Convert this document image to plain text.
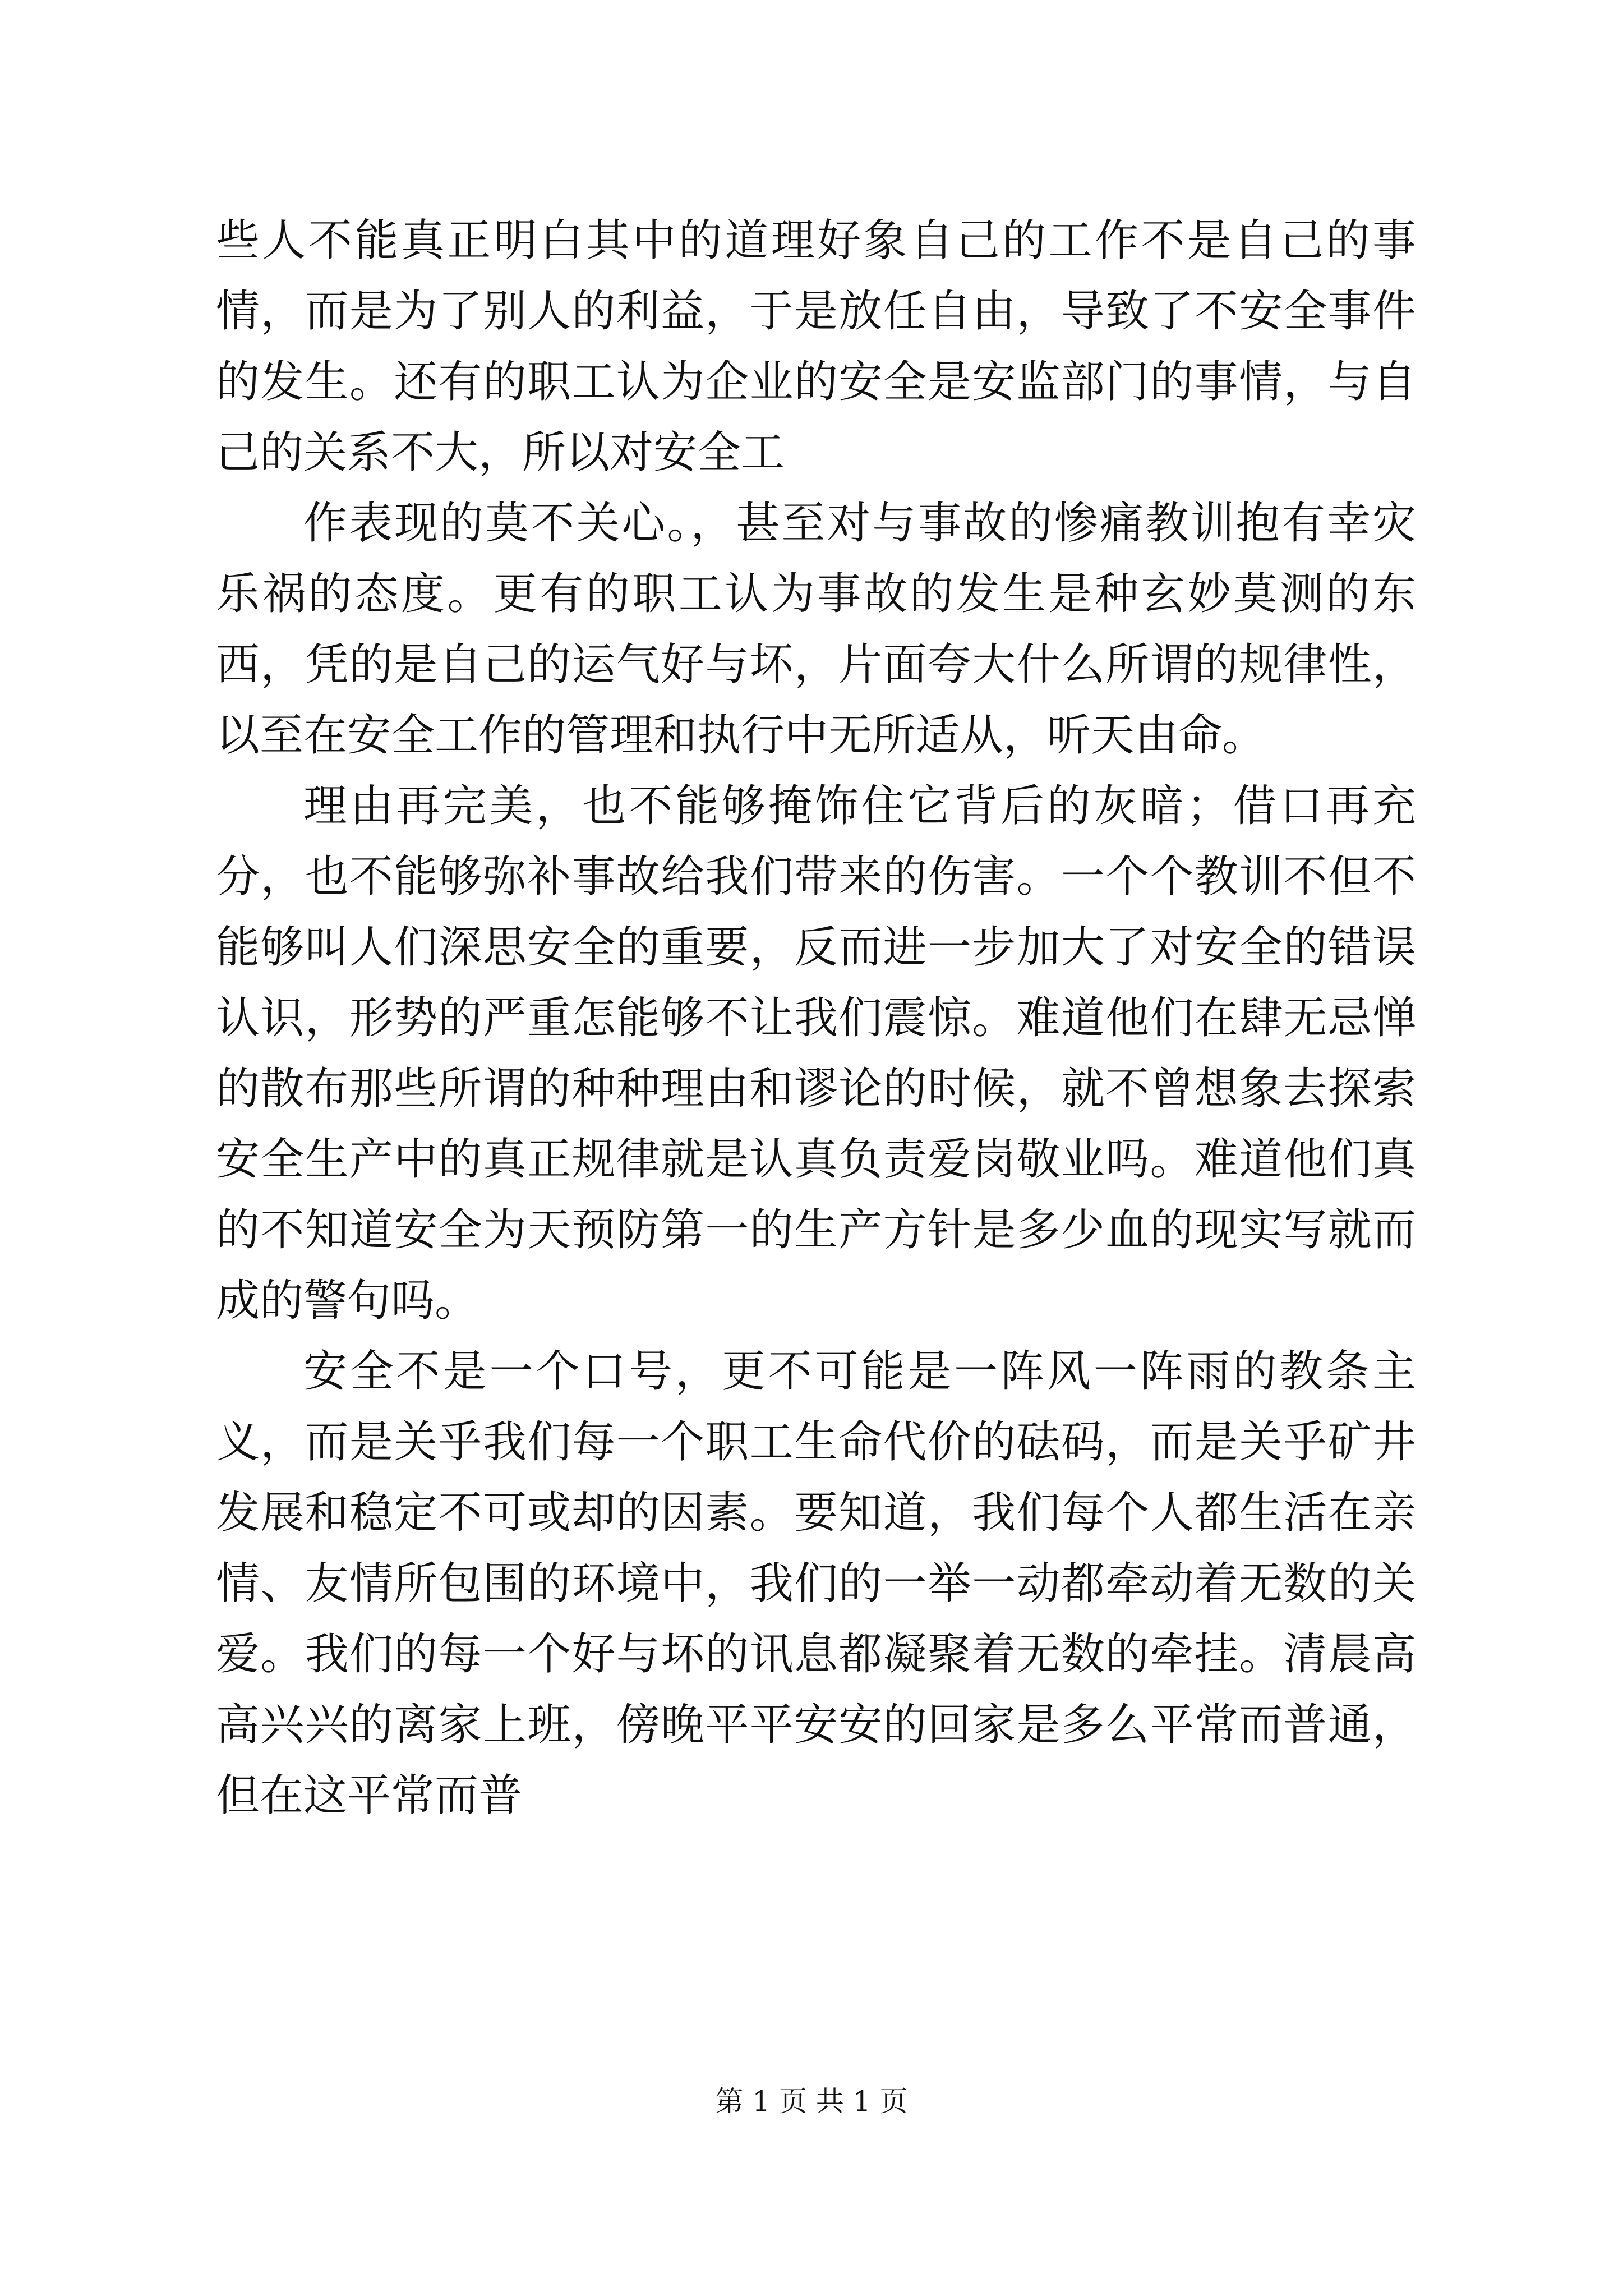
些人不能真正明白其中的道理好象自己的工作不是自己的事情，而是为了别人的利益，于是放任自由，导致了不安全事件的发生。还有的职工认为企业的安全是安监部门的事情，与自己的关系不大，所以对安全工

作表现的莫不关心。，甚至对与事故的惨痛教训抱有幸灾乐祸的态度。更有的职工认为事故的发生是种玄妙莫测的东西，凭的是自己的运气好与坏，片面夸大什么所谓的规律性，以至在安全工作的管理和执行中无所适从，听天由命。

理由再完美，也不能够掩饰住它背后的灰暗；借口再充分，也不能够弥补事故给我们带来的伤害。一个个教训不但不能够叫人们深思安全的重要，反而进一步加大了对安全的错误认识，形势的严重怎能够不让我们震惊。难道他们在肆无忌惮的散布那些所谓的种种理由和谬论的时候，就不曾想象去探索安全生产中的真正规律就是认真负责爱岗敬业吗。难道他们真的不知道安全为天预防第一的生产方针是多少血的现实写就而成的警句吗。

安全不是一个口号，更不可能是一阵风一阵雨的教条主义，而是关乎我们每一个职工生命代价的砝码，而是关乎矿井发展和稳定不可或却的因素。要知道，我们每个人都生活在亲情、友情所包围的环境中，我们的一举一动都牵动着无数的关爱。我们的每一个好与坏的讯息都凝聚着无数的牵挂。清晨高高兴兴的离家上班，傍晚平平安安的回家是多么平常而普通，但在这平常而普

第 1 页 共 1 页
